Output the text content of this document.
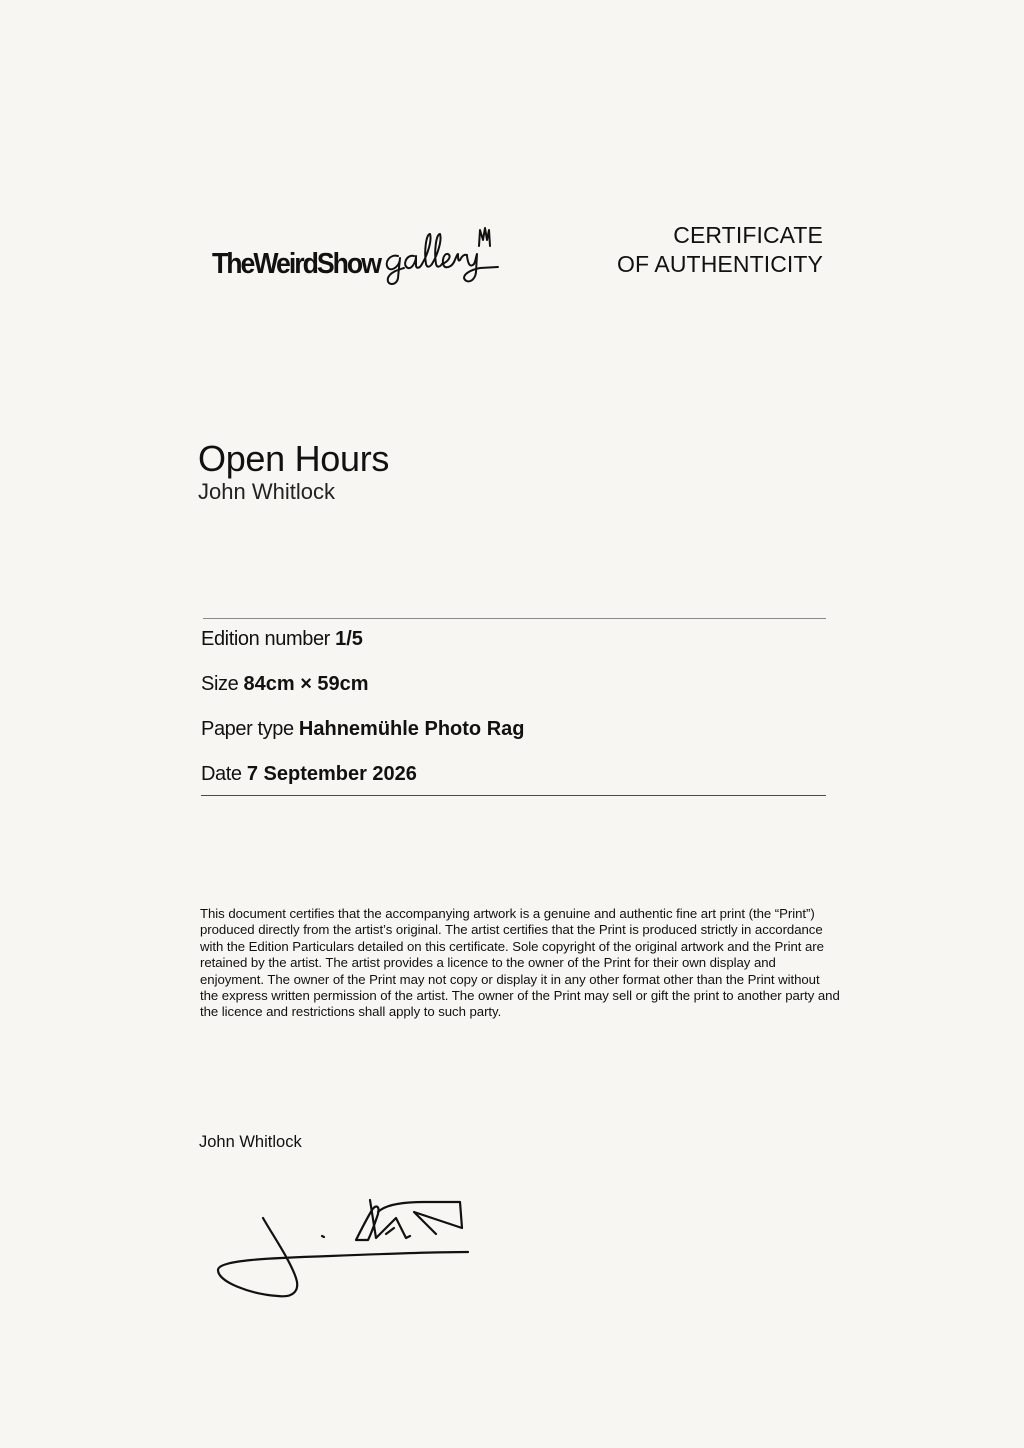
TheWeirdShow
CERTIFICATE
OF AUTHENTICITY
Open Hours
John Whitlock
Edition number 1/5
Size 84cm × 59cm
Paper type Hahnemühle Photo Rag
Date 7 September 2026
This document certifies that the accompanying artwork is a genuine and authentic fine art print (the “Print”) produced directly from the artist’s original. The artist certifies that the Print is produced strictly in accordance with the Edition Particulars detailed on this certificate. Sole copyright of the original artwork and the Print are retained by the artist. The artist provides a licence to the owner of the Print for their own display and enjoyment. The owner of the Print may not copy or display it in any other format other than the Print without the express written permission of the artist. The owner of the Print may sell or gift the print to another party and the licence and restrictions shall apply to such party.
John Whitlock
